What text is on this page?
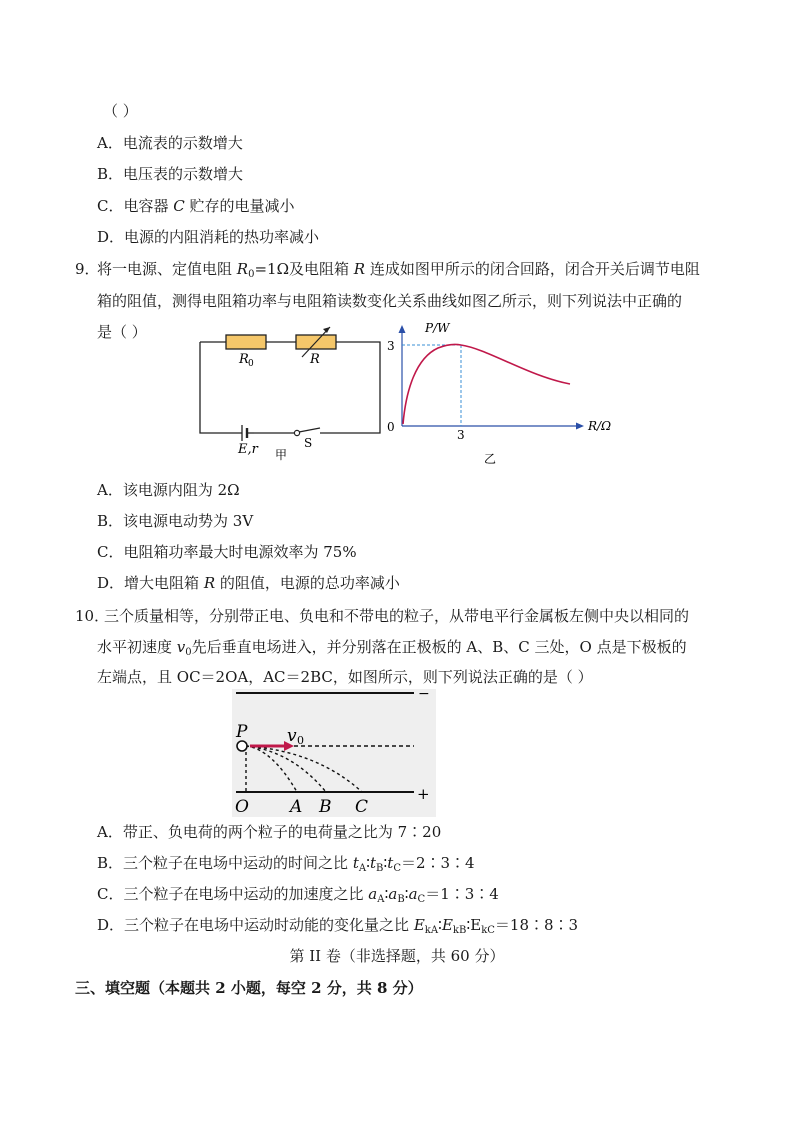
（ ）
A．电流表的示数增大
B．电压表的示数增大
C．电容器 C 贮存的电量减小
D．电源的内阻消耗的热功率减小
9．
将一电源、定值电阻 $R_0=1\Omega$及电阻箱 R 连成如图甲所示的闭合回路，闭合开关后调节电阻
箱的阻值，测得电阻箱功率与电阻箱读数变化关系曲线如图乙所示，则下列说法中正确的
是（ ）
R 0	R
E,r	S
甲
P/W
R/Ω
0
3
3
乙
A．该电源内阻为 2Ω
B．该电源电动势为 3V
C．电阻箱功率最大时电源效率为 75%
D．增大电阻箱 R 的阻值，电源的总功率减小
10．
三个质量相等，分别带正电、负电和不带电的粒子，从带电平行金属板左侧中央以相同的
水平初速度 $v_0$先后垂直电场进入，并分别落在正极板的 A、B、C 三处，O 点是下极板的
左端点，且 OC＝2OA，AC＝2BC，如图所示，则下列说法正确的是（ ）
−
+
P v 0
O A B C
A．带正、负电荷的两个粒子的电荷量之比为 7∶20
B．三个粒子在电场中运动的时间之比 $t_A∶t_B∶t_C=2∶3∶4$
C．三个粒子在电场中运动的加速度之比 $a_A∶a_B∶a_C=1∶3∶4$
D．三个粒子在电场中运动时动能的变化量之比 $E_{kA}∶E_{kB}∶E_{kC}=18∶8∶3$
第 II 卷（非选择题，共 60 分）
三、填空题（本题共 2 小题，每空 2 分，共 8 分）
